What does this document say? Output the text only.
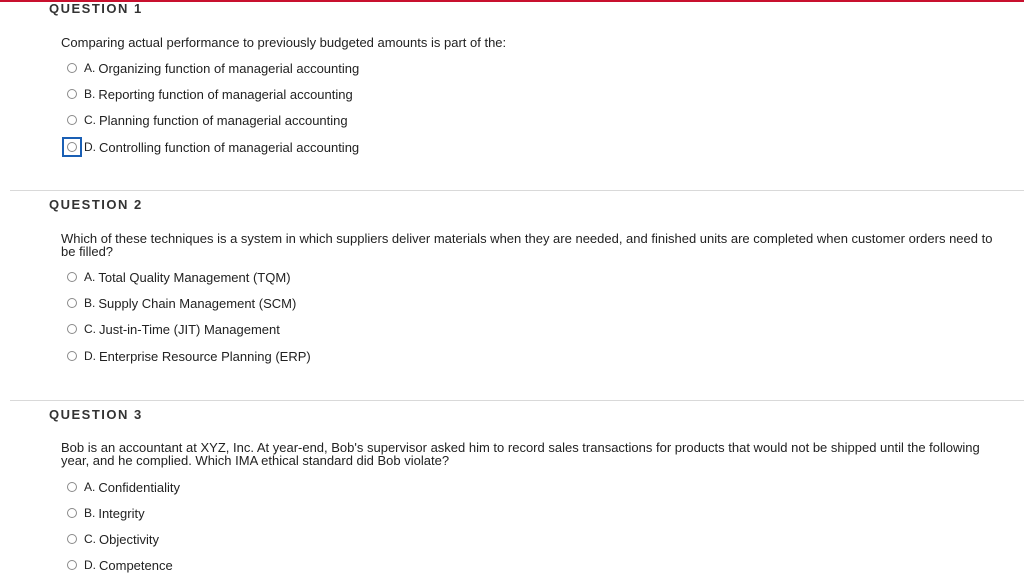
QUESTION 1
Comparing actual performance to previously budgeted amounts is part of the:
A. Organizing function of managerial accounting
B. Reporting function of managerial accounting
C. Planning function of managerial accounting
D. Controlling function of managerial accounting
QUESTION 2
Which of these techniques is a system in which suppliers deliver materials when they are needed, and finished units are completed when customer orders need to be filled?
A. Total Quality Management (TQM)
B. Supply Chain Management (SCM)
C. Just-in-Time (JIT) Management
D. Enterprise Resource Planning (ERP)
QUESTION 3
Bob is an accountant at XYZ, Inc. At year-end, Bob's supervisor asked him to record sales transactions for products that would not be shipped until the following year, and he complied. Which IMA ethical standard did Bob violate?
A. Confidentiality
B. Integrity
C. Objectivity
D. Competence
